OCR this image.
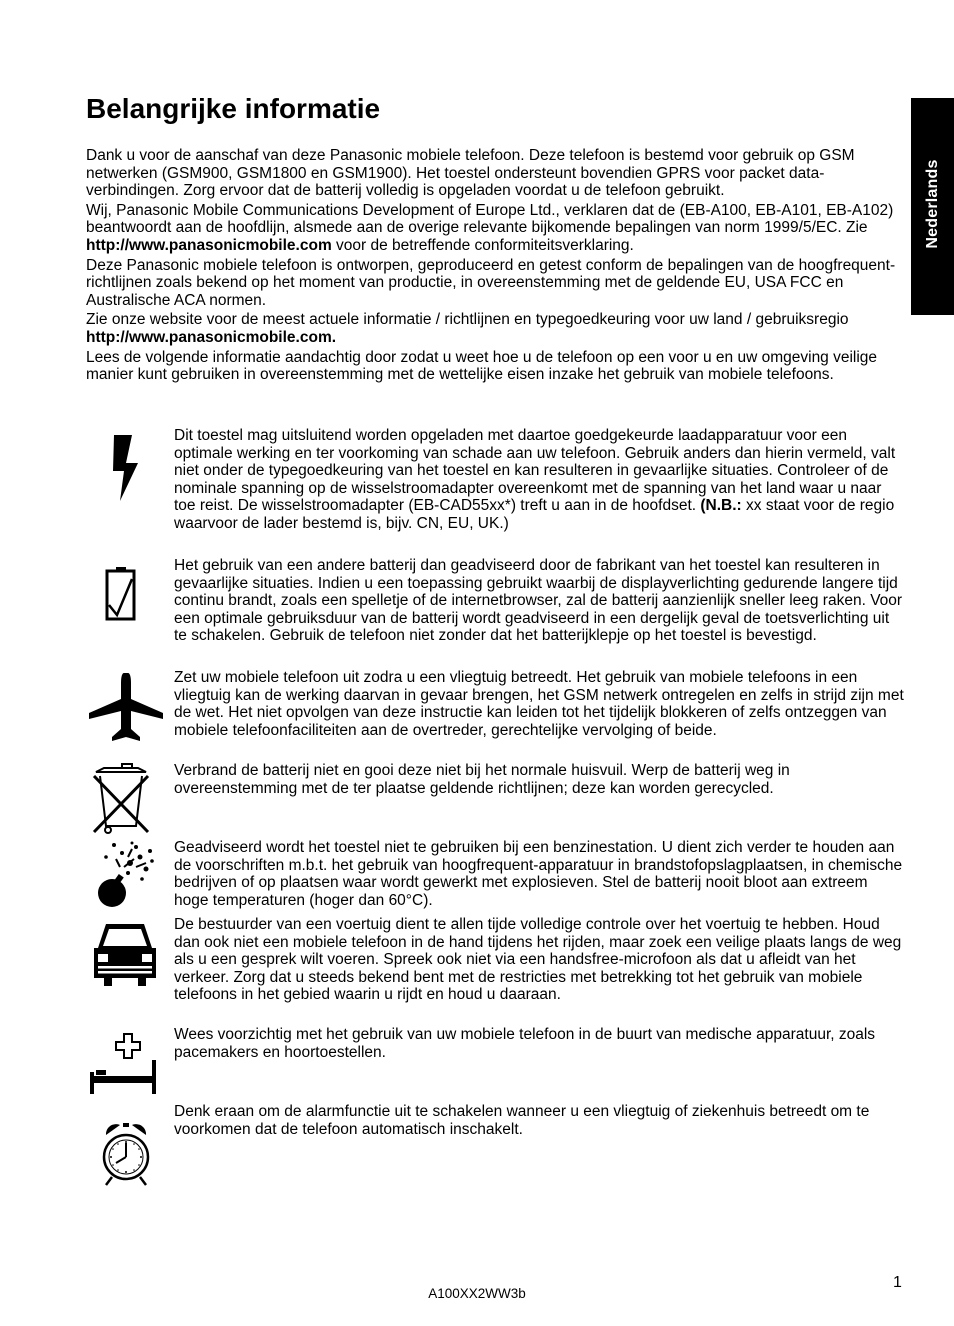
Nederlands
Belangrijke informatie

Dank u voor de aanschaf van deze Panasonic mobiele telefoon. Deze telefoon is bestemd voor gebruik op GSM netwerken (GSM900, GSM1800 en GSM1900). Het toestel ondersteunt bovendien GPRS voor packet data-verbindingen. Zorg ervoor dat de batterij volledig is opgeladen voordat u de telefoon gebruikt.

Wij, Panasonic Mobile Communications Development of Europe Ltd., verklaren dat de (EB-A100, EB-A101, EB-A102) beantwoordt aan de hoofdlijn, alsmede aan de overige relevante bijkomende bepalingen van norm 1999/5/EC. Zie http://www.panasonicmobile.com voor de betreffende conformiteitsverklaring.

Deze Panasonic mobiele telefoon is ontworpen, geproduceerd en getest conform de bepalingen van de hoogfrequent-richtlijnen zoals bekend op het moment van productie, in overeenstemming met de geldende EU, USA FCC en Australische ACA normen.

Zie onze website voor de meest actuele informatie / richtlijnen en typegoedkeuring voor uw land / gebruiksregio http://www.panasonicmobile.com.

Lees de volgende informatie aandachtig door zodat u weet hoe u de telefoon op een voor u en uw omgeving veilige manier kunt gebruiken in overeenstemming met de wettelijke eisen inzake het gebruik van mobiele telefoons.

Dit toestel mag uitsluitend worden opgeladen met daartoe goedgekeurde laadapparatuur voor een optimale werking en ter voorkoming van schade aan uw telefoon. Gebruik anders dan hierin vermeld, valt niet onder de typegoedkeuring van het toestel en kan resulteren in gevaarlijke situaties. Controleer of de nominale spanning op de wisselstroomadapter overeenkomt met de spanning van het land waar u naar toe reist. De wisselstroomadapter (EB-CAD55xx*) treft u aan in de hoofdset. (N.B.: xx staat voor de regio waarvoor de lader bestemd is, bijv. CN, EU, UK.)
Het gebruik van een andere batterij dan geadviseerd door de fabrikant van het toestel kan resulteren in gevaarlijke situaties. Indien u een toepassing gebruikt waarbij de displayverlichting gedurende langere tijd continu brandt, zoals een spelletje of de internetbrowser, zal de batterij aanzienlijk sneller leeg raken. Voor een optimale gebruiksduur van de batterij wordt geadviseerd in een dergelijk geval de toetsverlichting uit te schakelen. Gebruik de telefoon niet zonder dat het batterijklepje op het toestel is bevestigd.
Zet uw mobiele telefoon uit zodra u een vliegtuig betreedt. Het gebruik van mobiele telefoons in een vliegtuig kan de werking daarvan in gevaar brengen, het GSM netwerk ontregelen en zelfs in strijd zijn met de wet. Het niet opvolgen van deze instructie kan leiden tot het tijdelijk blokkeren of zelfs ontzeggen van mobiele telefoonfaciliteiten aan de overtreder, gerechtelijke vervolging of beide.
Verbrand de batterij niet en gooi deze niet bij het normale huisvuil. Werp de batterij weg in overeenstemming met de ter plaatse geldende richtlijnen; deze kan worden gerecycled.
Geadviseerd wordt het toestel niet te gebruiken bij een benzinestation. U dient zich verder te houden aan de voorschriften m.b.t. het gebruik van hoogfrequent-apparatuur in brandstofopslagplaatsen, in chemische bedrijven of op plaatsen waar wordt gewerkt met explosieven. Stel de batterij nooit bloot aan extreem hoge temperaturen (hoger dan 60°C).
De bestuurder van een voertuig dient te allen tijde volledige controle over het voertuig te hebben. Houd dan ook niet een mobiele telefoon in de hand tijdens het rijden, maar zoek een veilige plaats langs de weg als u een gesprek wilt voeren. Spreek ook niet via een handsfree-microfoon als dat u afleidt van het verkeer. Zorg dat u steeds bekend bent met de restricties met betrekking tot het gebruik van mobiele telefoons in het gebied waarin u rijdt en houd u daaraan.
Wees voorzichtig met het gebruik van uw mobiele telefoon in de buurt van medische apparatuur, zoals pacemakers en hoortoestellen.
Denk eraan om de alarmfunctie uit te schakelen wanneer u een vliegtuig of ziekenhuis betreedt om te voorkomen dat de telefoon automatisch inschakelt.
1
A100XX2WW3b
